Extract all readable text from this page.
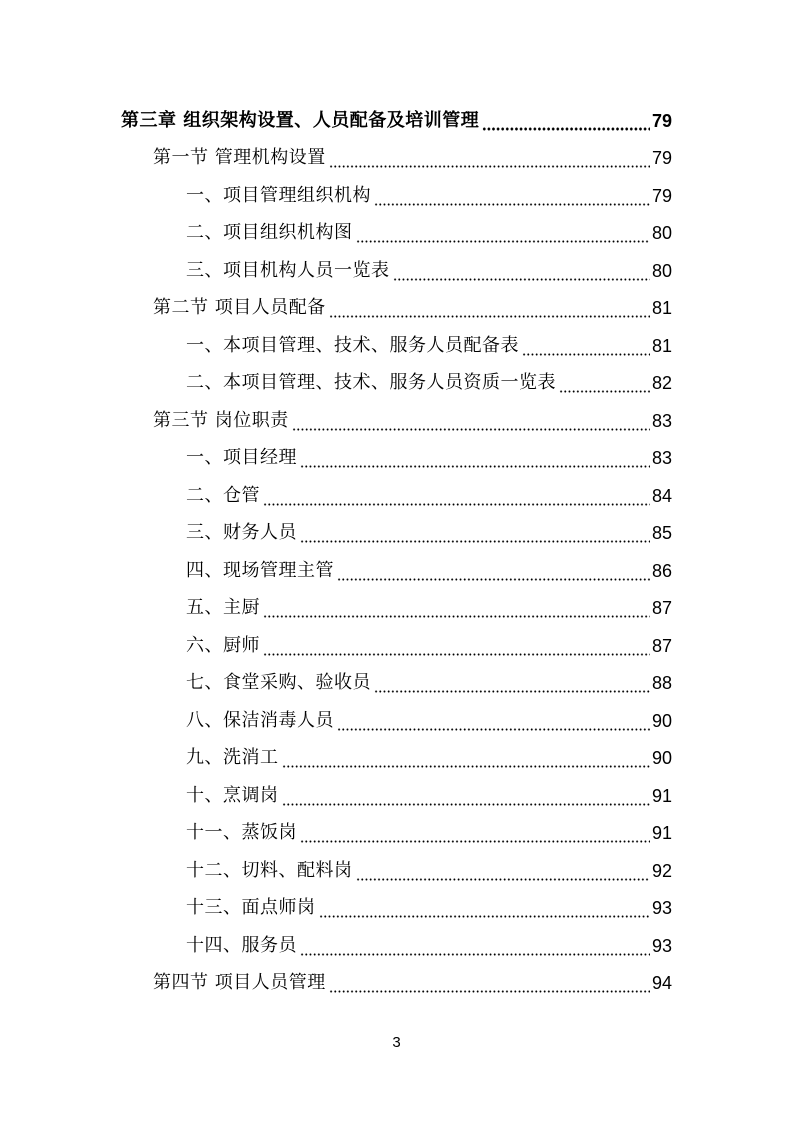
第三章 组织架构设置、人员配备及培训管理	79
第一节 管理机构设置	79
一、项目管理组织机构	79
二、项目组织机构图	80
三、项目机构人员一览表	80
第二节 项目人员配备	81
一、本项目管理、技术、服务人员配备表	81
二、本项目管理、技术、服务人员资质一览表	82
第三节 岗位职责	83
一、项目经理	83
二、仓管	84
三、财务人员	85
四、现场管理主管	86
五、主厨	87
六、厨师	87
七、食堂采购、验收员	88
八、保洁消毒人员	90
九、洗消工	90
十、烹调岗	91
十一、蒸饭岗	91
十二、切料、配料岗	92
十三、面点师岗	93
十四、服务员	93
第四节 项目人员管理	94
3
